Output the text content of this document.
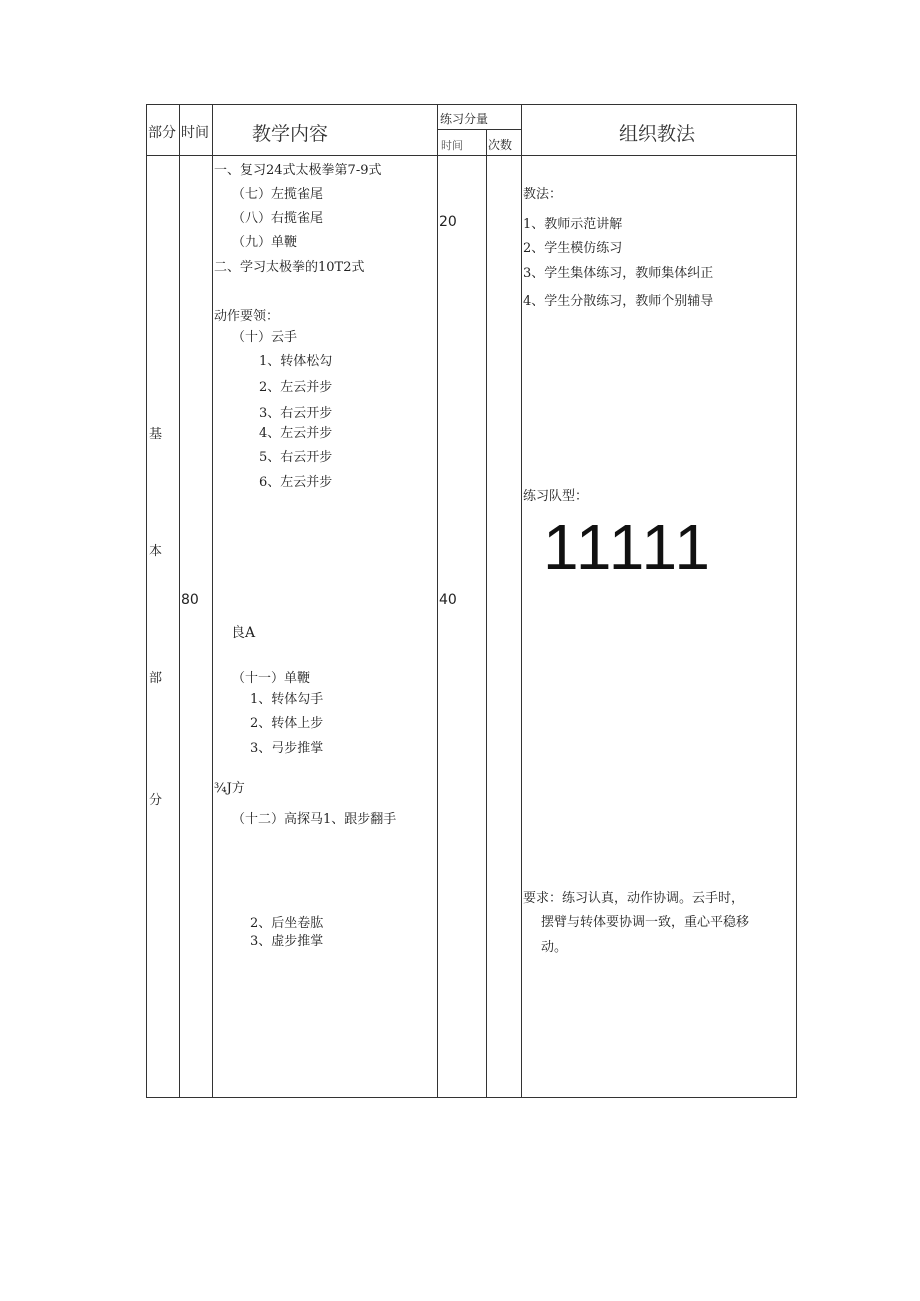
部分 时间 教学内容
练习分量
时间 次数	组织教法
基
本
部
分
80
一、复习24式太极拳第7-9式
（七）左揽雀尾
（八）右揽雀尾
（九）单鞭
二、学习太极拳的10T2式
动作要领：
（十）云手
1、转体松勾
2、左云并步
3、右云开步
4、左云并步
5、右云开步
6、左云并步
良A
（十一）单鞭
1、转体勾手
2、转体上步
3、弓步推掌
¾J方
（十二）高探马1、跟步翻手
2、后坐卷肱
3、虚步推掌
20
40
教法：
1、教师示范讲解
2、学生模仿练习
3、学生集体练习，教师集体纠正
4、学生分散练习，教师个别辅导
练习队型：
11111
要求：练习认真，动作协调。云手时，
摆臂与转体要协调一致，重心平稳移
动。
